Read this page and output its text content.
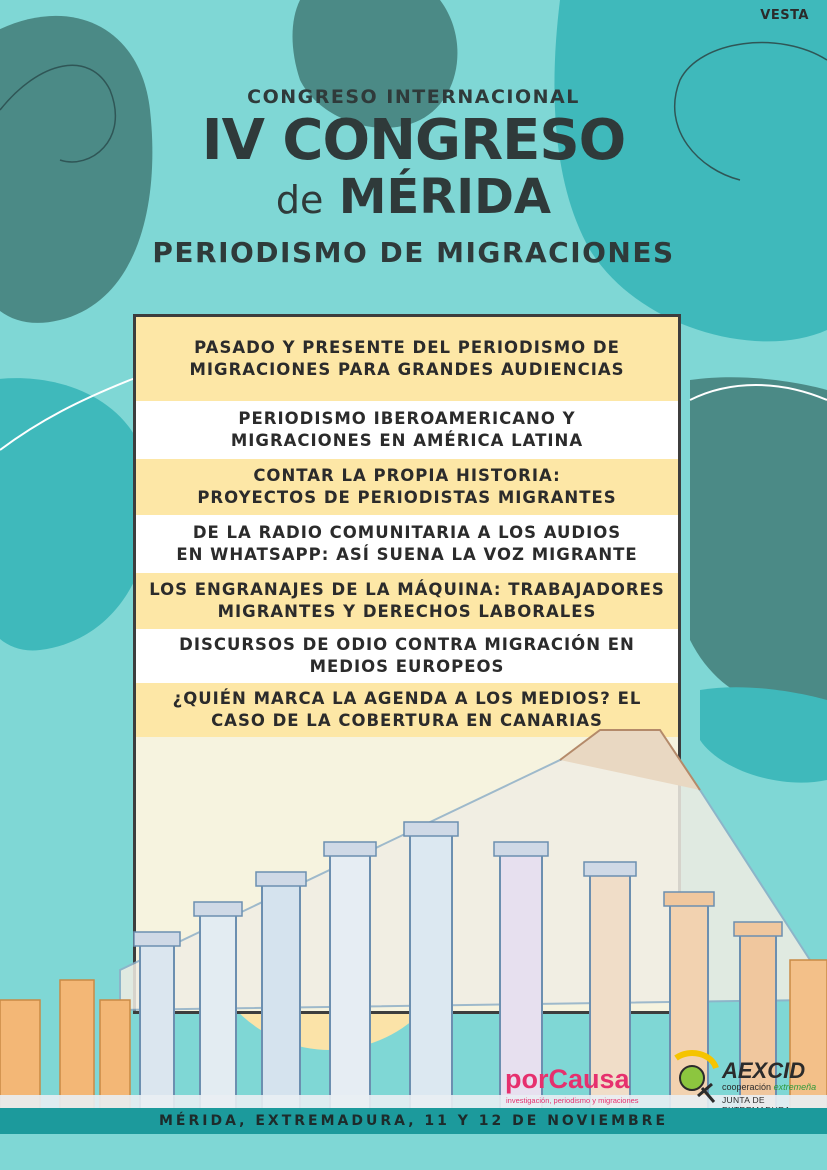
VESTA
CONGRESO INTERNACIONAL
IV CONGRESO
de MÉRIDA
PERIODISMO DE MIGRACIONES
PASADO Y PRESENTE DEL PERIODISMO DE
MIGRACIONES PARA GRANDES AUDIENCIAS
PERIODISMO IBEROAMERICANO Y
MIGRACIONES EN AMÉRICA LATINA
CONTAR LA PROPIA HISTORIA:
PROYECTOS DE PERIODISTAS MIGRANTES
DE LA RADIO COMUNITARIA A LOS AUDIOS
EN WHATSAPP: ASÍ SUENA LA VOZ MIGRANTE
LOS ENGRANAJES DE LA MÁQUINA: TRABAJADORES
MIGRANTES Y DERECHOS LABORALES
DISCURSOS DE ODIO CONTRA MIGRACIÓN EN
MEDIOS EUROPEOS
¿QUIÉN MARCA LA AGENDA A LOS MEDIOS? EL
CASO DE LA COBERTURA EN CANARIAS
porCausa
investigación, periodismo y migraciones
AEXCID
cooperación extremeña
JUNTA DE
MÉRIDA, EXTREMADURA, 11 Y 12 DE NOVIEMBRE
